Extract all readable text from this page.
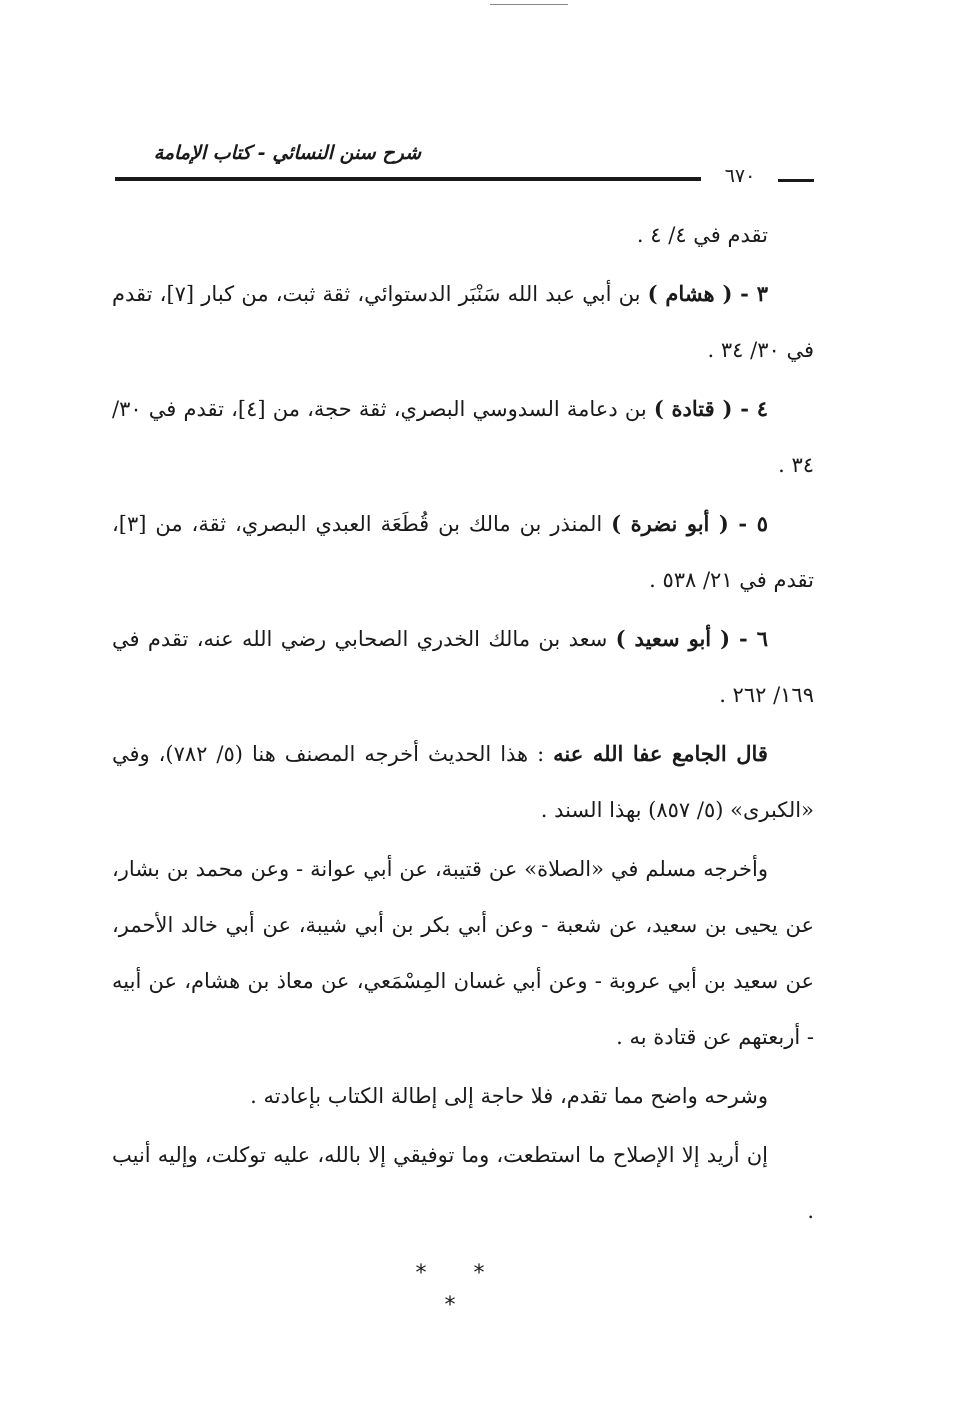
شرح سنن النسائي - كتاب الإمامة
٦٧٠

تقدم في ٤/ ٤ .

٣ - ( هشام ) بن أبي عبد الله سَنْبَر الدستوائي، ثقة ثبت، من كبار [٧]، تقدم في ٣٠/ ٣٤ .

٤ - ( قتادة ) بن دعامة السدوسي البصري، ثقة حجة، من [٤]، تقدم في ٣٠/ ٣٤ .

٥ - ( أبو نضرة ) المنذر بن مالك بن قُطَعَة العبدي البصري، ثقة، من [٣]، تقدم في ٢١/ ٥٣٨ .

٦ - ( أبو سعيد ) سعد بن مالك الخدري الصحابي رضي الله عنه، تقدم في ١٦٩/ ٢٦٢ .

قال الجامع عفا الله عنه : هذا الحديث أخرجه المصنف هنا (٥/ ٧٨٢)، وفي «الكبرى» (٥/ ٨٥٧) بهذا السند .

وأخرجه مسلم في «الصلاة» عن قتيبة، عن أبي عوانة - وعن محمد بن بشار، عن يحيى بن سعيد، عن شعبة - وعن أبي بكر بن أبي شيبة، عن أبي خالد الأحمر، عن سعيد بن أبي عروبة - وعن أبي غسان المِسْمَعي، عن معاذ بن هشام، عن أبيه - أربعتهم عن قتادة به .

وشرحه واضح مما تقدم، فلا حاجة إلى إطالة الكتاب بإعادته .

إن أريد إلا الإصلاح ما استطعت، وما توفيقي إلا بالله، عليه توكلت، وإليه أنيب .

* * *
